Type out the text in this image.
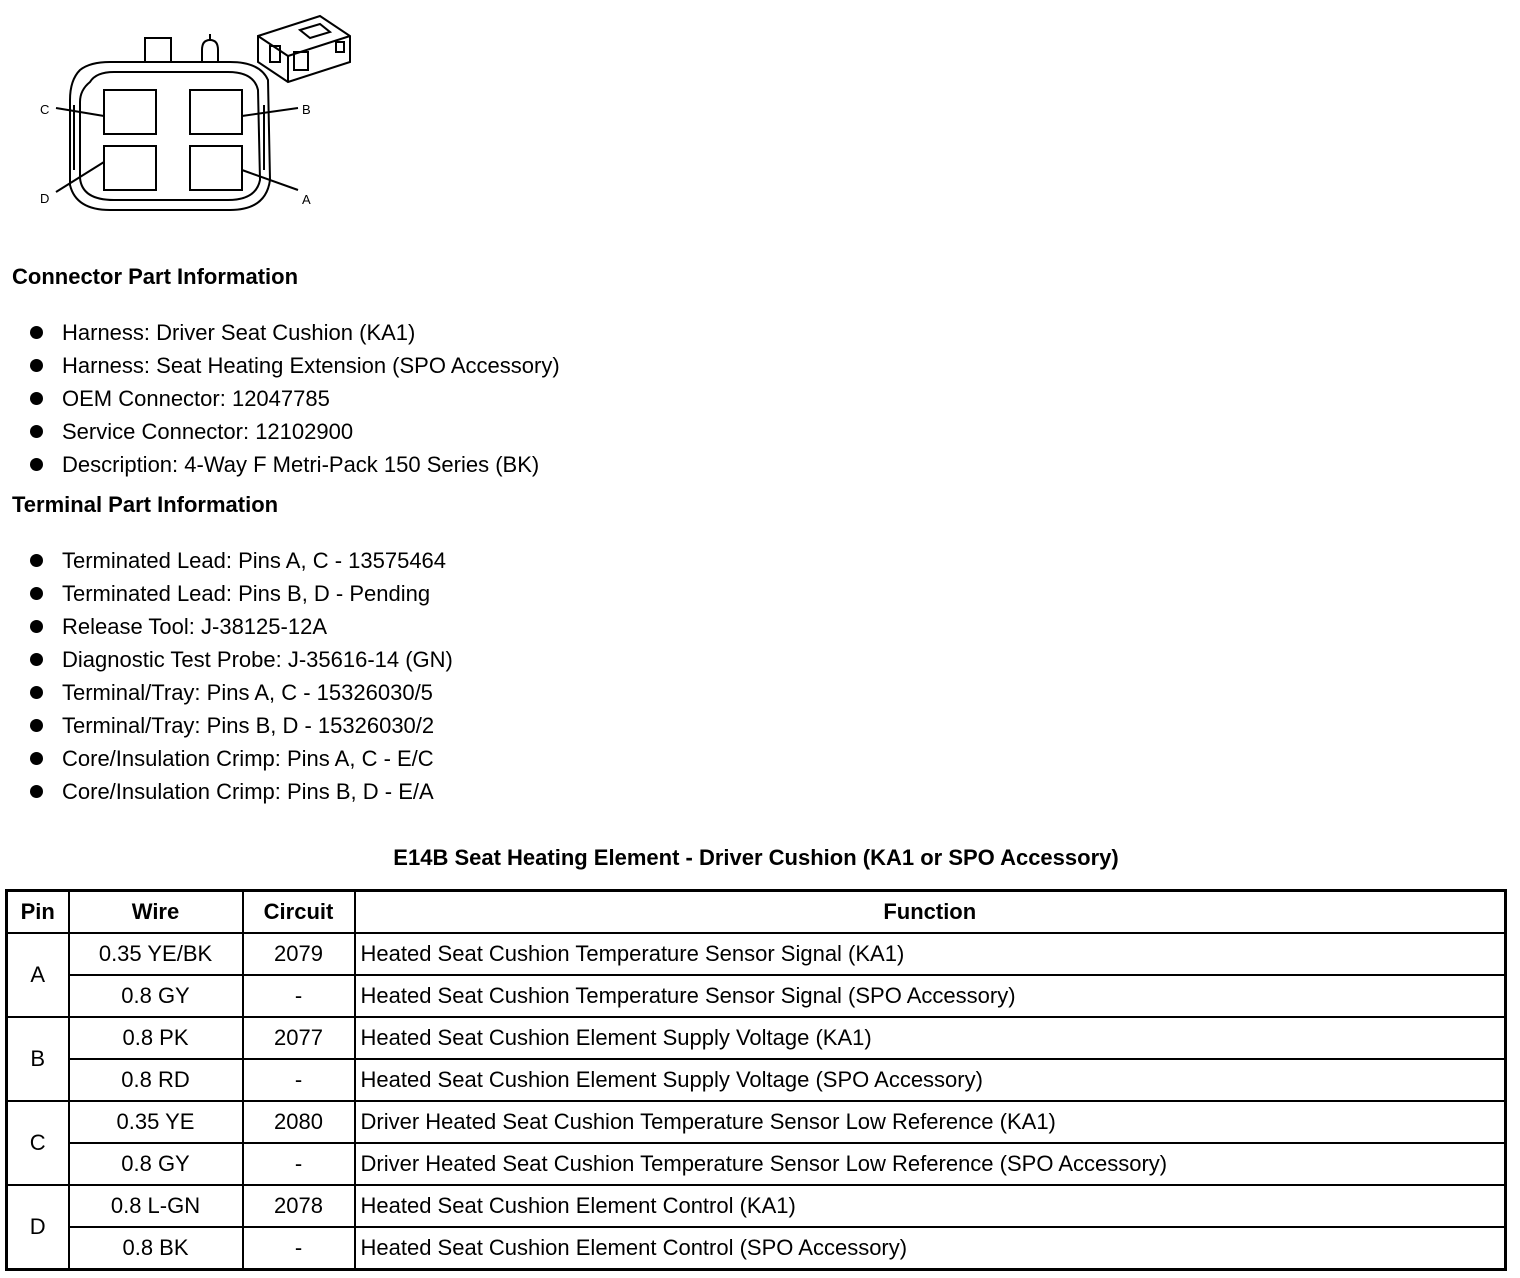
C	B
D	A
Connector Part Information
Harness: Driver Seat Cushion (KA1)
Harness: Seat Heating Extension (SPO Accessory)
OEM Connector: 12047785
Service Connector: 12102900
Description: 4-Way F Metri-Pack 150 Series (BK)
Terminal Part Information
Terminated Lead: Pins A, C - 13575464
Terminated Lead: Pins B, D - Pending
Release Tool: J-38125-12A
Diagnostic Test Probe: J-35616-14 (GN)
Terminal/Tray: Pins A, C - 15326030/5
Terminal/Tray: Pins B, D - 15326030/2
Core/Insulation Crimp: Pins A, C - E/C
Core/Insulation Crimp: Pins B, D - E/A
E14B Seat Heating Element - Driver Cushion (KA1 or SPO Accessory)
Pin	Wire	Circuit	Function
A	0.35 YE/BK	2079	Heated Seat Cushion Temperature Sensor Signal (KA1)
	0.8 GY	-	Heated Seat Cushion Temperature Sensor Signal (SPO Accessory)
B	0.8 PK	2077	Heated Seat Cushion Element Supply Voltage (KA1)
	0.8 RD	-	Heated Seat Cushion Element Supply Voltage (SPO Accessory)
C	0.35 YE	2080	Driver Heated Seat Cushion Temperature Sensor Low Reference (KA1)
	0.8 GY	-	Driver Heated Seat Cushion Temperature Sensor Low Reference (SPO Accessory)
D	0.8 L-GN	2078	Heated Seat Cushion Element Control (KA1)
	0.8 BK	-	Heated Seat Cushion Element Control (SPO Accessory)
